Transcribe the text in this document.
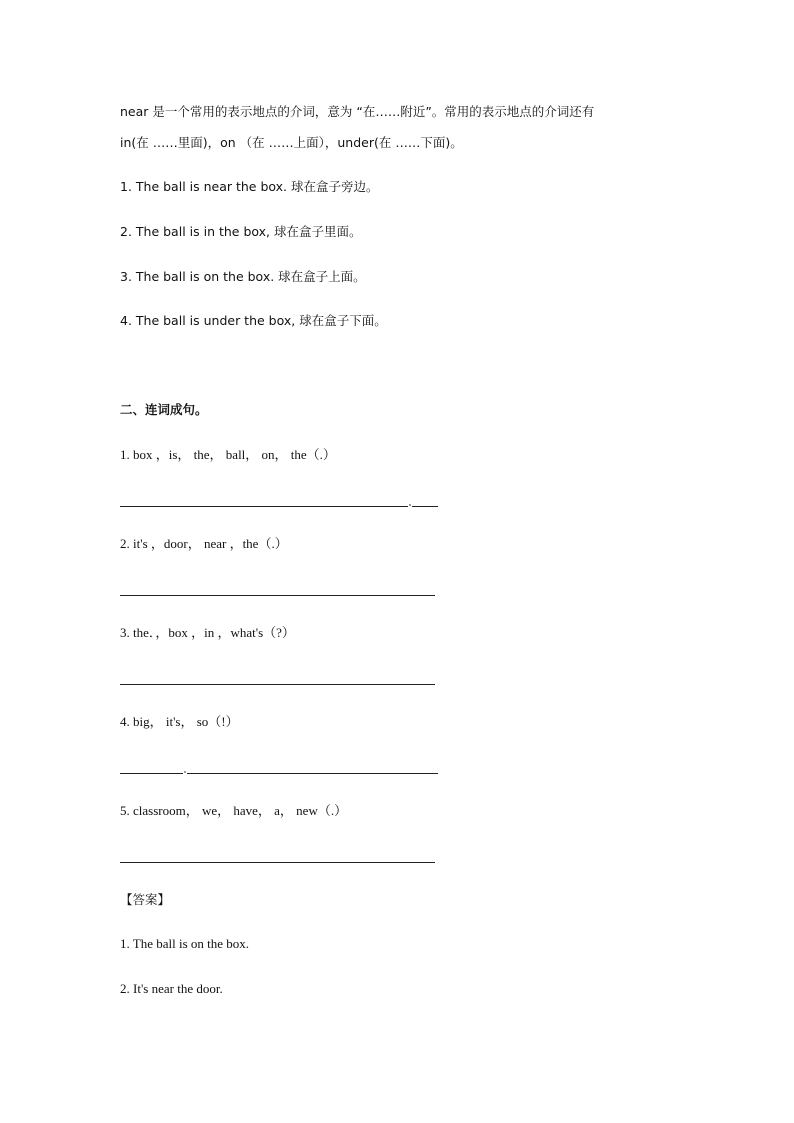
near 是一个常用的表示地点的介词，意为 “在……附近”。常用的表示地点的介词还有
in(在 ……里面)，on （在 ……上面），under(在 ……下面)。
1. The ball is near the box. 球在盒子旁边。
2. The ball is in the box, 球在盒子里面。
3. The ball is on the box. 球在盒子上面。
4. The ball is under the box, 球在盒子下面。
二、连词成句。
1. box ，is， the， ball， on， the（.）
2. it's ，door， near ，the（.）
3. the．，box ，in ，what's（?）
4. big， it's， so（!）
5. classroom， we， have， a， new（.）
【答案】
1. The ball is on the box.
2. It's near the door.
